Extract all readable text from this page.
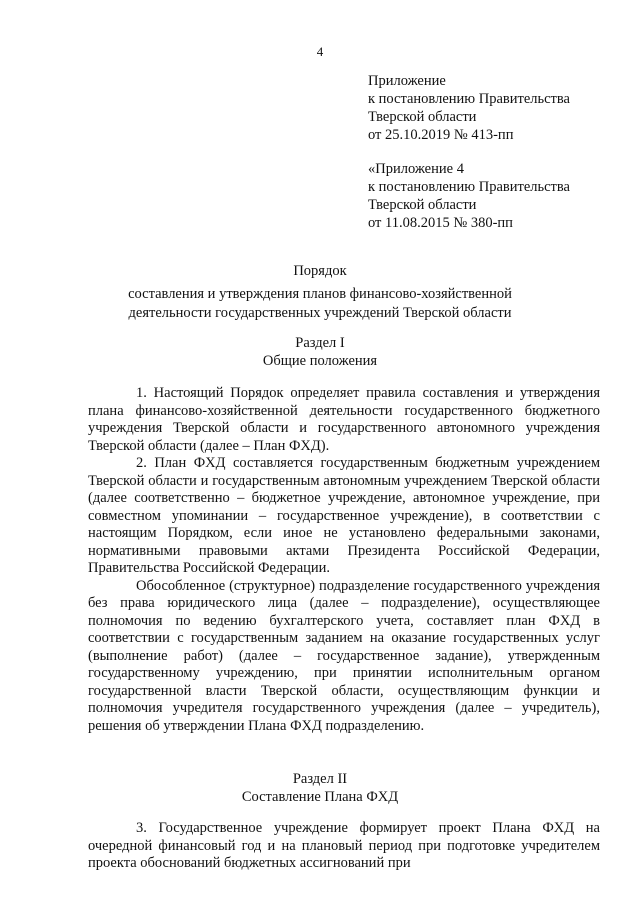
4
Приложение
к постановлению Правительства
Тверской области
от 25.10.2019 № 413-пп
«Приложение 4
к постановлению Правительства
Тверской области
от 11.08.2015 № 380-пп
Порядок
составления и утверждения планов финансово-хозяйственной
деятельности государственных учреждений Тверской области
Раздел I
Общие положения

1. Настоящий Порядок определяет правила составления и утверждения плана финансово-хозяйственной деятельности государственного бюджетного учреждения Тверской области и государственного автономного учреждения Тверской области (далее – План ФХД).

2. План ФХД составляется государственным бюджетным учреждением Тверской области и государственным автономным учреждением Тверской области (далее соответственно – бюджетное учреждение, автономное учреждение, при совместном упоминании – государственное учреждение), в соответствии с настоящим Порядком, если иное не установлено федеральными законами, нормативными правовыми актами Президента Российской Федерации, Правительства Российской Федерации.

Обособленное (структурное) подразделение государственного учреждения без права юридического лица (далее – подразделение), осуществляющее полномочия по ведению бухгалтерского учета, составляет план ФХД в соответствии с государственным заданием на оказание государственных услуг (выполнение работ) (далее – государственное задание), утвержденным государственному учреждению, при принятии исполнительным органом государственной власти Тверской области, осуществляющим функции и полномочия учредителя государственного учреждения (далее – учредитель), решения об утверждении Плана ФХД подразделению.

Раздел II
Составление Плана ФХД

3. Государственное учреждение формирует проект Плана ФХД на очередной финансовый год и на плановый период при подготовке учредителем проекта обоснований бюджетных ассигнований при
